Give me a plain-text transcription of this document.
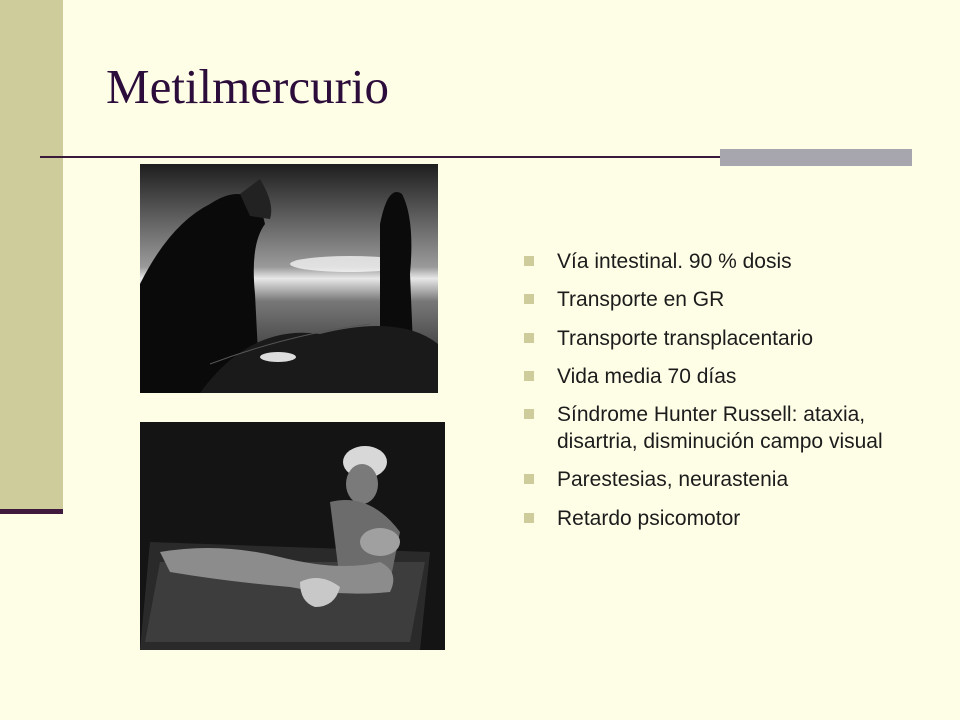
Metilmercurio
Vía intestinal. 90 % dosis
Transporte en GR
Transporte transplacentario
Vida media 70 días
Síndrome Hunter Russell: ataxia, disartria, disminución campo visual
Parestesias, neurastenia
Retardo psicomotor
